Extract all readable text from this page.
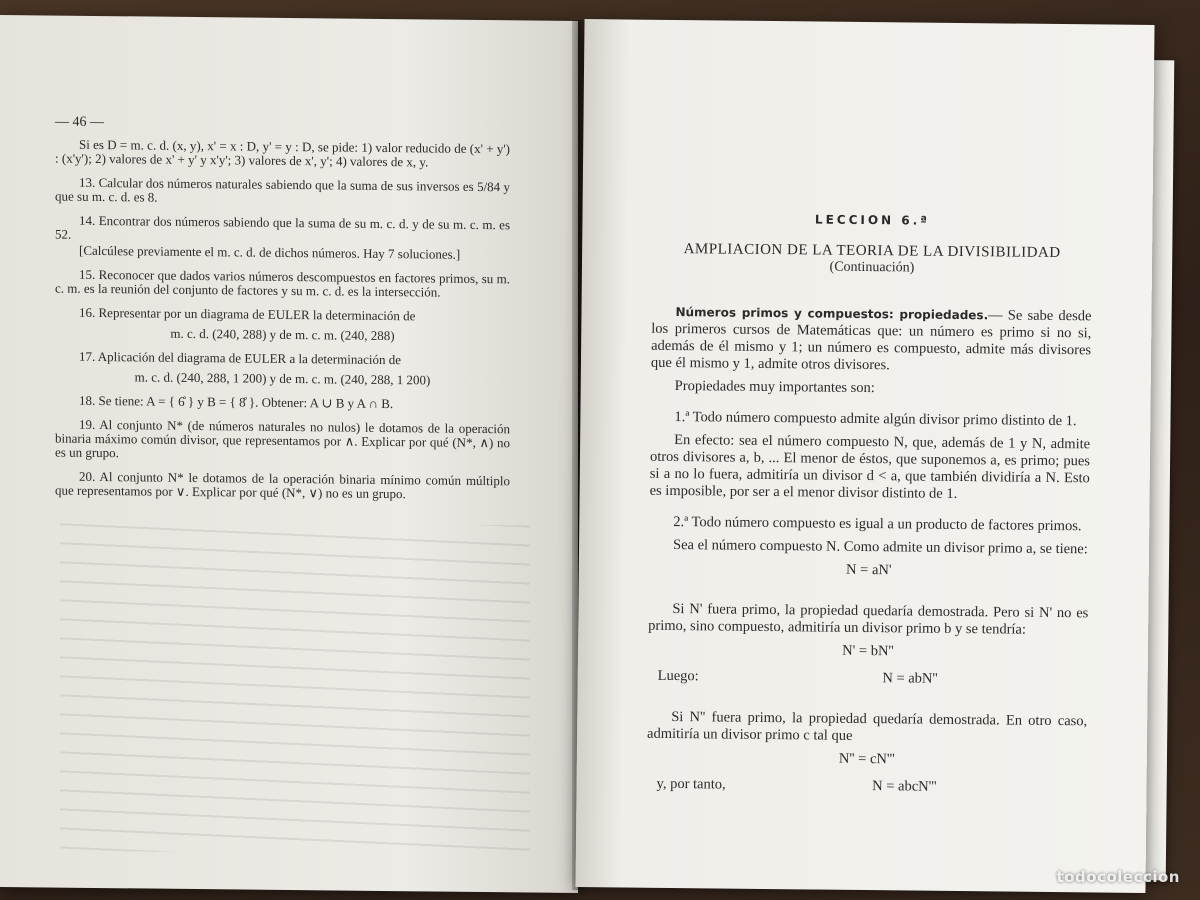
— 46 —

Si es D = m. c. d. (x, y), x' = x : D, y' = y : D, se pide: 1) valor reducido de (x' + y') : (x'y'); 2) valores de x' + y' y x'y'; 3) valores de x', y'; 4) valores de x, y.

13. Calcular dos números naturales sabiendo que la suma de sus inversos es 5/84 y que su m. c. d. es 8.

14. Encontrar dos números sabiendo que la suma de su m. c. d. y de su m. c. m. es 52.

[Calcúlese previamente el m. c. d. de dichos números. Hay 7 soluciones.]

15. Reconocer que dados varios números descompuestos en factores primos, su m. c. m. es la reunión del conjunto de factores y su m. c. d. es la intersección.

16. Representar por un diagrama de EULER la determinación de

m. c. d. (240, 288) y de m. c. m. (240, 288)

17. Aplicación del diagrama de EULER a la determinación de

m. c. d. (240, 288, 1 200) y de m. c. m. (240, 288, 1 200)

18. Se tiene: A = { 6̊ } y B = { 8̊ }. Obtener: A ∪ B y A ∩ B.

19. Al conjunto N* (de números naturales no nulos) le dotamos de la operación binaria máximo común divisor, que representamos por ∧. Explicar por qué (N*, ∧) no es un grupo.

20. Al conjunto N* le dotamos de la operación binaria mínimo común múltiplo que representamos por ∨. Explicar por qué (N*, ∨) no es un grupo.

LECCION 6.ª

AMPLIACION DE LA TEORIA DE LA DIVISIBILIDAD

(Continuación)

Números primos y compuestos: propiedades.— Se sabe desde los primeros cursos de Matemáticas que: un número es primo si no si, además de él mismo y 1; un número es compuesto, admite más divisores que él mismo y 1, admite otros divisores.

Propiedades muy importantes son:

1.ª Todo número compuesto admite algún divisor primo distinto de 1.

En efecto: sea el número compuesto N, que, además de 1 y N, admite otros divisores a, b, ... El menor de éstos, que suponemos a, es primo; pues si a no lo fuera, admitiría un divisor d < a, que también dividiría a N. Esto es imposible, por ser a el menor divisor distinto de 1.

2.ª Todo número compuesto es igual a un producto de factores primos.

Sea el número compuesto N. Como admite un divisor primo a, se tiene:

N = aN'

Si N' fuera primo, la propiedad quedaría demostrada. Pero si N' no es primo, sino compuesto, admitiría un divisor primo b y se tendría:

N' = bN''

Luego:	N = abN''

Si N'' fuera primo, la propiedad quedaría demostrada. En otro caso, admitiría un divisor primo c tal que

N'' = cN'''

y, por tanto,	N = abcN'''

todocoleccion
